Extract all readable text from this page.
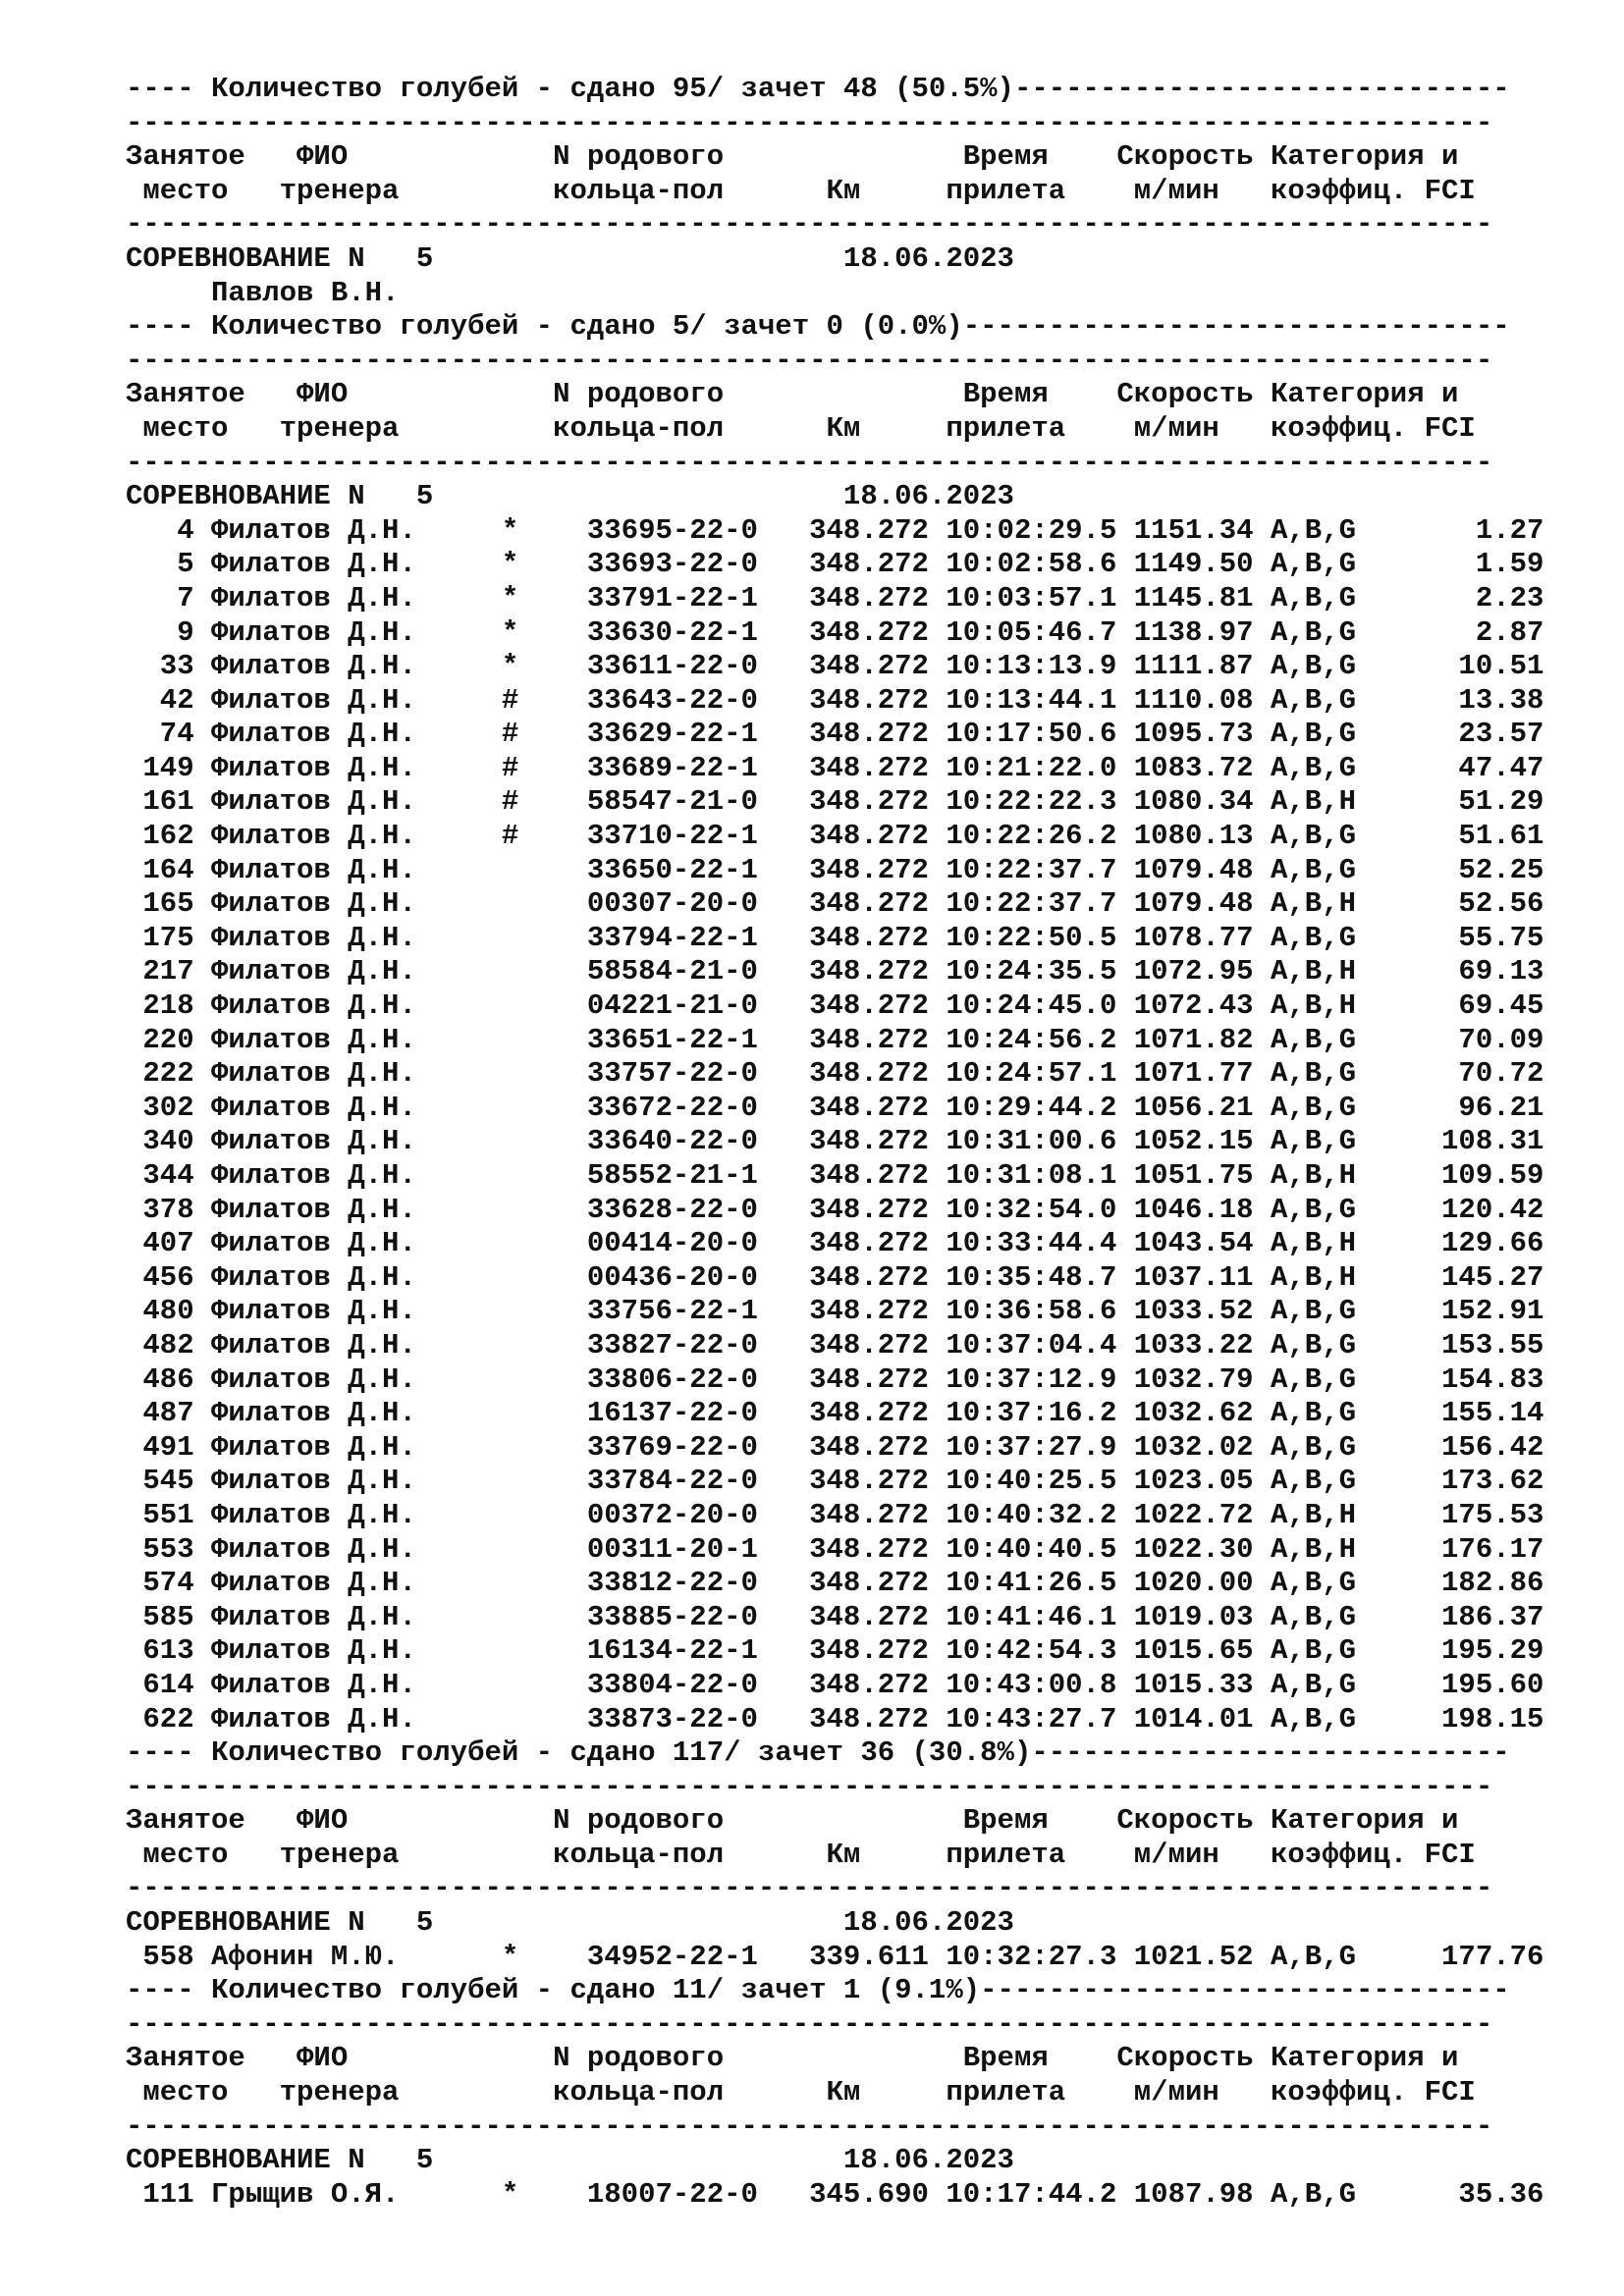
---- Количество голубей - сдано 95/ зачет 48 (50.5%)-----------------------------
--------------------------------------------------------------------------------
Занятое   ФИО            N родового              Время    Скорость Категория и
место   тренера         кольца-пол      Км     прилета    м/мин   коэффиц. FCI
--------------------------------------------------------------------------------
СОРЕВНОВАНИЕ N   5                        18.06.2023
Павлов В.Н.
---- Количество голубей - сдано 5/ зачет 0 (0.0%)--------------------------------
--------------------------------------------------------------------------------
Занятое   ФИО            N родового              Время    Скорость Категория и
место   тренера         кольца-пол      Км     прилета    м/мин   коэффиц. FCI
--------------------------------------------------------------------------------
СОРЕВНОВАНИЕ N   5                        18.06.2023
4 Филатов Д.Н.     *    33695-22-0   348.272 10:02:29.5 1151.34 A,B,G       1.27
5 Филатов Д.Н.     *    33693-22-0   348.272 10:02:58.6 1149.50 A,B,G       1.59
7 Филатов Д.Н.     *    33791-22-1   348.272 10:03:57.1 1145.81 A,B,G       2.23
9 Филатов Д.Н.     *    33630-22-1   348.272 10:05:46.7 1138.97 A,B,G       2.87
33 Филатов Д.Н.     *    33611-22-0   348.272 10:13:13.9 1111.87 A,B,G      10.51
42 Филатов Д.Н.     #    33643-22-0   348.272 10:13:44.1 1110.08 A,B,G      13.38
74 Филатов Д.Н.     #    33629-22-1   348.272 10:17:50.6 1095.73 A,B,G      23.57
149 Филатов Д.Н.     #    33689-22-1   348.272 10:21:22.0 1083.72 A,B,G      47.47
161 Филатов Д.Н.     #    58547-21-0   348.272 10:22:22.3 1080.34 A,B,H      51.29
162 Филатов Д.Н.     #    33710-22-1   348.272 10:22:26.2 1080.13 A,B,G      51.61
164 Филатов Д.Н.          33650-22-1   348.272 10:22:37.7 1079.48 A,B,G      52.25
165 Филатов Д.Н.          00307-20-0   348.272 10:22:37.7 1079.48 A,B,H      52.56
175 Филатов Д.Н.          33794-22-1   348.272 10:22:50.5 1078.77 A,B,G      55.75
217 Филатов Д.Н.          58584-21-0   348.272 10:24:35.5 1072.95 A,B,H      69.13
218 Филатов Д.Н.          04221-21-0   348.272 10:24:45.0 1072.43 A,B,H      69.45
220 Филатов Д.Н.          33651-22-1   348.272 10:24:56.2 1071.82 A,B,G      70.09
222 Филатов Д.Н.          33757-22-0   348.272 10:24:57.1 1071.77 A,B,G      70.72
302 Филатов Д.Н.          33672-22-0   348.272 10:29:44.2 1056.21 A,B,G      96.21
340 Филатов Д.Н.          33640-22-0   348.272 10:31:00.6 1052.15 A,B,G     108.31
344 Филатов Д.Н.          58552-21-1   348.272 10:31:08.1 1051.75 A,B,H     109.59
378 Филатов Д.Н.          33628-22-0   348.272 10:32:54.0 1046.18 A,B,G     120.42
407 Филатов Д.Н.          00414-20-0   348.272 10:33:44.4 1043.54 A,B,H     129.66
456 Филатов Д.Н.          00436-20-0   348.272 10:35:48.7 1037.11 A,B,H     145.27
480 Филатов Д.Н.          33756-22-1   348.272 10:36:58.6 1033.52 A,B,G     152.91
482 Филатов Д.Н.          33827-22-0   348.272 10:37:04.4 1033.22 A,B,G     153.55
486 Филатов Д.Н.          33806-22-0   348.272 10:37:12.9 1032.79 A,B,G     154.83
487 Филатов Д.Н.          16137-22-0   348.272 10:37:16.2 1032.62 A,B,G     155.14
491 Филатов Д.Н.          33769-22-0   348.272 10:37:27.9 1032.02 A,B,G     156.42
545 Филатов Д.Н.          33784-22-0   348.272 10:40:25.5 1023.05 A,B,G     173.62
551 Филатов Д.Н.          00372-20-0   348.272 10:40:32.2 1022.72 A,B,H     175.53
553 Филатов Д.Н.          00311-20-1   348.272 10:40:40.5 1022.30 A,B,H     176.17
574 Филатов Д.Н.          33812-22-0   348.272 10:41:26.5 1020.00 A,B,G     182.86
585 Филатов Д.Н.          33885-22-0   348.272 10:41:46.1 1019.03 A,B,G     186.37
613 Филатов Д.Н.          16134-22-1   348.272 10:42:54.3 1015.65 A,B,G     195.29
614 Филатов Д.Н.          33804-22-0   348.272 10:43:00.8 1015.33 A,B,G     195.60
622 Филатов Д.Н.          33873-22-0   348.272 10:43:27.7 1014.01 A,B,G     198.15
---- Количество голубей - сдано 117/ зачет 36 (30.8%)----------------------------
--------------------------------------------------------------------------------
Занятое   ФИО            N родового              Время    Скорость Категория и
место   тренера         кольца-пол      Км     прилета    м/мин   коэффиц. FCI
--------------------------------------------------------------------------------
СОРЕВНОВАНИЕ N   5                        18.06.2023
558 Афонин М.Ю.      *    34952-22-1   339.611 10:32:27.3 1021.52 A,B,G     177.76
---- Количество голубей - сдано 11/ зачет 1 (9.1%)-------------------------------
--------------------------------------------------------------------------------
Занятое   ФИО            N родового              Время    Скорость Категория и
место   тренера         кольца-пол      Км     прилета    м/мин   коэффиц. FCI
--------------------------------------------------------------------------------
СОРЕВНОВАНИЕ N   5                        18.06.2023
111 Грыщив О.Я.      *    18007-22-0   345.690 10:17:44.2 1087.98 A,B,G      35.36
